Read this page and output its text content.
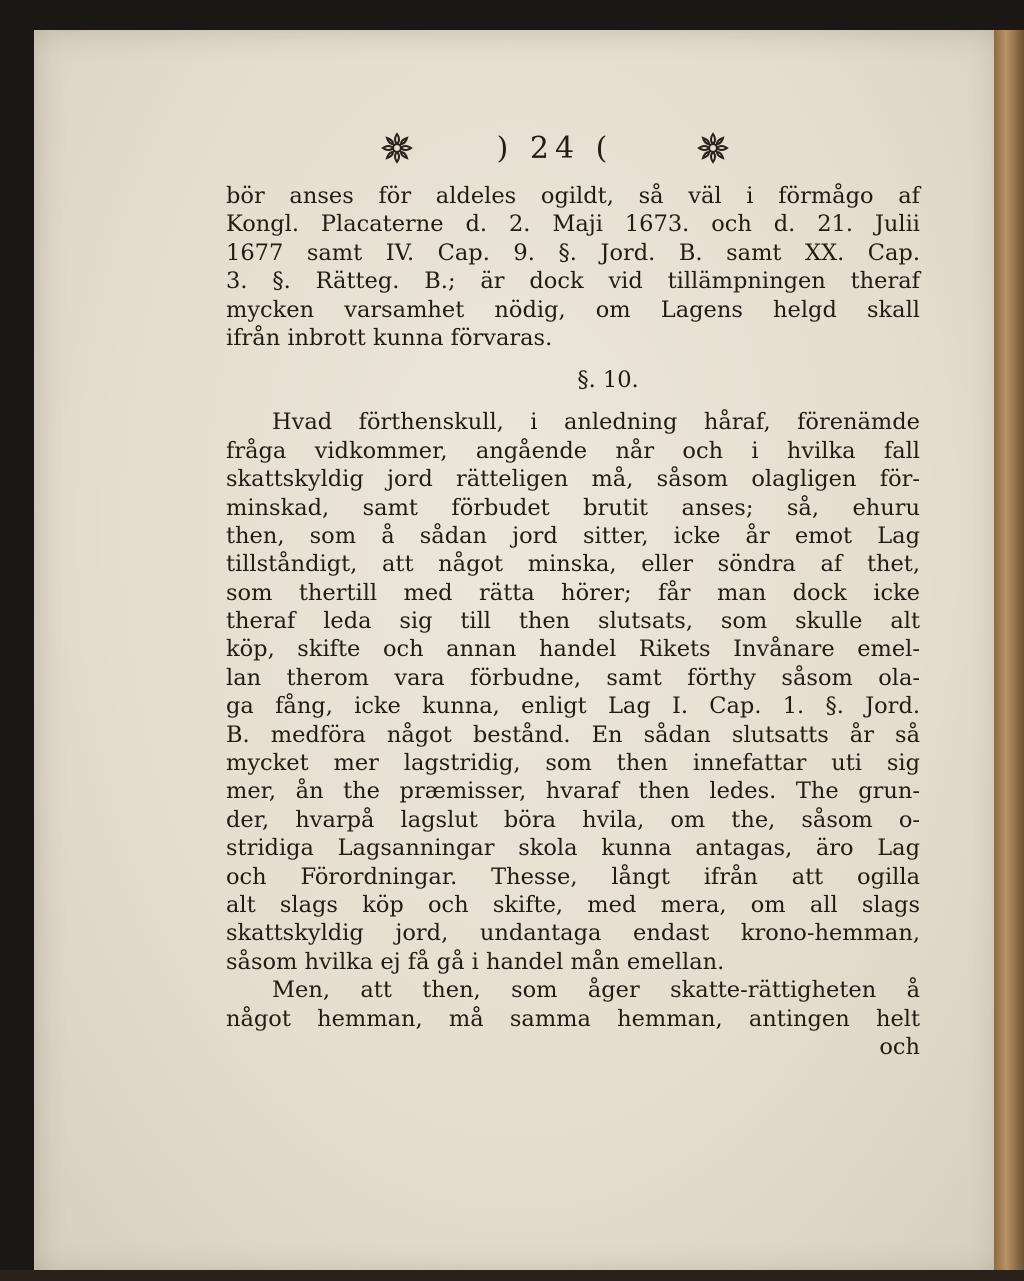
) 24 (
bör anses för aldeles ogildt, så väl i förmågo af
Kongl. Placaterne d. 2. Maji 1673. och d. 21. Julii
1677 samt IV. Cap. 9. §. Jord. B. samt XX. Cap.
3. §. Rätteg. B.; är dock vid tillämpningen theraf
mycken varsamhet nödig, om Lagens helgd skall
ifrån inbrott kunna förvaras.
§. 10.
Hvad förthenskull, i anledning håraf, förenämde
fråga vidkommer, angående når och i hvilka fall
skattskyldig jord rätteligen må, såsom olagligen för-
minskad, samt förbudet brutit anses; så, ehuru
then, som å sådan jord sitter, icke år emot Lag
tillståndigt, att något minska, eller söndra af thet,
som thertill med rätta hörer; får man dock icke
theraf leda sig till then slutsats, som skulle alt
köp, skifte och annan handel Rikets Invånare emel-
lan therom vara förbudne, samt förthy såsom ola-
ga fång, icke kunna, enligt Lag I. Cap. 1. §. Jord.
B. medföra något bestånd. En sådan slutsatts år så
mycket mer lagstridig, som then innefattar uti sig
mer, ån the præmisser, hvaraf then ledes. The grun-
der, hvarpå lagslut böra hvila, om the, såsom o-
stridiga Lagsanningar skola kunna antagas, äro Lag
och Förordningar. Thesse, långt ifrån att ogilla
alt slags köp och skifte, med mera, om all slags
skattskyldig jord, undantaga endast krono-hemman,
såsom hvilka ej få gå i handel mån emellan.
Men, att then, som åger skatte-rättigheten å
något hemman, må samma hemman, antingen helt
och
